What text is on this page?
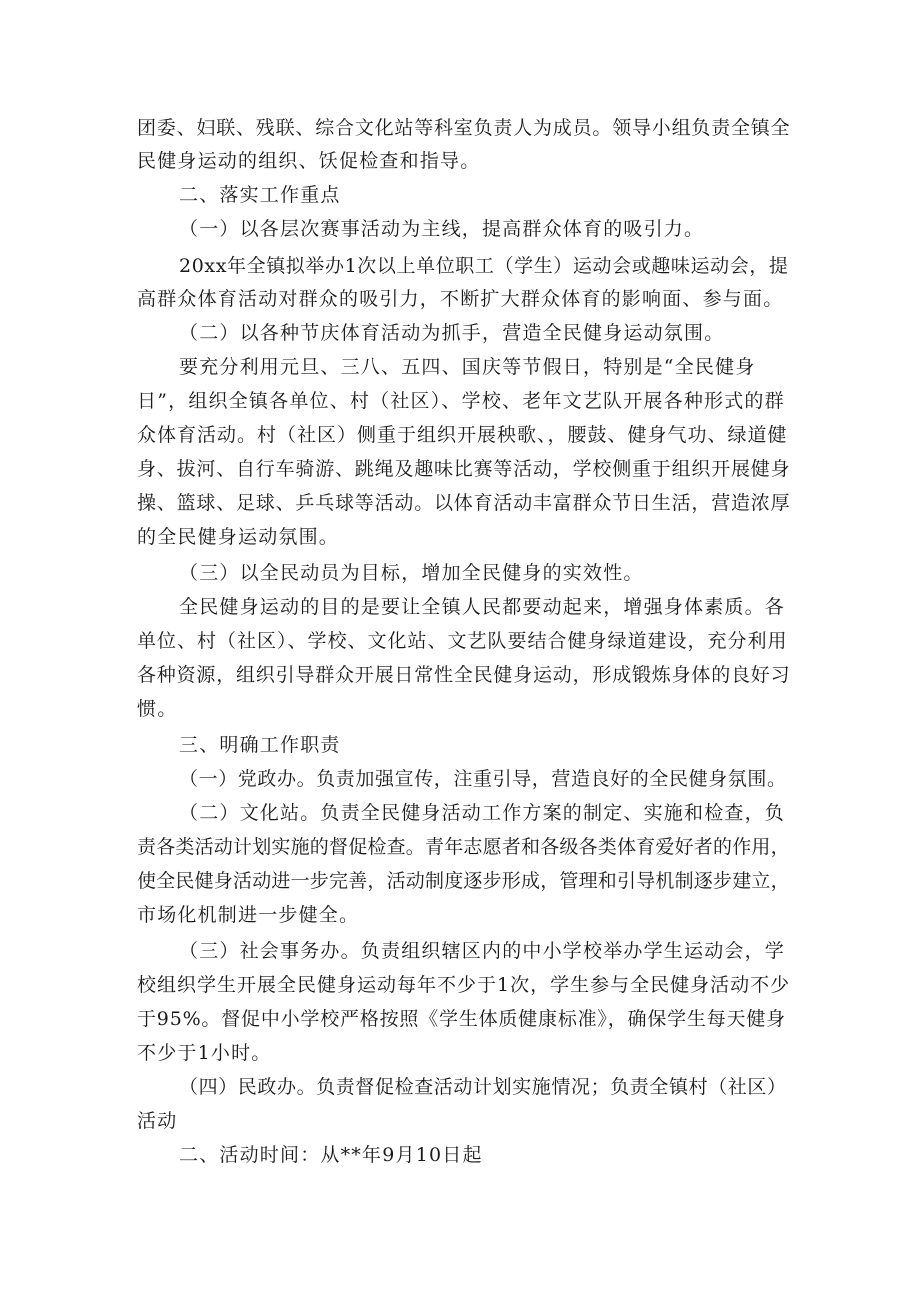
团委、妇联、残联、综合文化站等科室负责人为成员。领导小组负责全镇全
民健身运动的组织、饫促检查和指导。
二、落实工作重点
（一）以各层次赛事活动为主线，提高群众体育的吸引力。
20xx年全镇拟举办1次以上单位职工（学生）运动会或趣味运动会，提
高群众体育活动对群众的吸引力，不断扩大群众体育的影响面、参与面。
（二）以各种节庆体育活动为抓手，营造全民健身运动氛围。
要充分利用元旦、三八、五四、国庆等节假日，特别是“全民健身
日”，组织全镇各单位、村（社区）、学校、老年文艺队开展各种形式的群
众体育活动。村（社区）侧重于组织开展秧歌、，腰鼓、健身气功、绿道健
身、拔河、自行车骑游、跳绳及趣味比赛等活动，学校侧重于组织开展健身
操、篮球、足球、乒乓球等活动。以体育活动丰富群众节日生活，营造浓厚
的全民健身运动氛围。
（三）以全民动员为目标，增加全民健身的实效性。
全民健身运动的目的是要让全镇人民都要动起来，增强身体素质。各
单位、村（社区）、学校、文化站、文艺队要结合健身绿道建设，充分利用
各种资源，组织引导群众开展日常性全民健身运动，形成锻炼身体的良好习
惯。
三、明确工作职责
（一）党政办。负责加强宣传，注重引导，营造良好的全民健身氛围。
（二）文化站。负责全民健身活动工作方案的制定、实施和检查，负
责各类活动计划实施的督促检查。青年志愿者和各级各类体育爱好者的作用，
使全民健身活动进一步完善，活动制度逐步形成，管理和引导机制逐步建立，
市场化机制进一步健全。
（三）社会事务办。负责组织辖区内的中小学校举办学生运动会，学
校组织学生开展全民健身运动每年不少于1次，学生参与全民健身活动不少
于95%。督促中小学校严格按照《学生体质健康标准》，确保学生每天健身
不少于1小时。
（四）民政办。负责督促检查活动计划实施情况；负责全镇村（社区）
活动
二、活动时间：从**年9月10日起
